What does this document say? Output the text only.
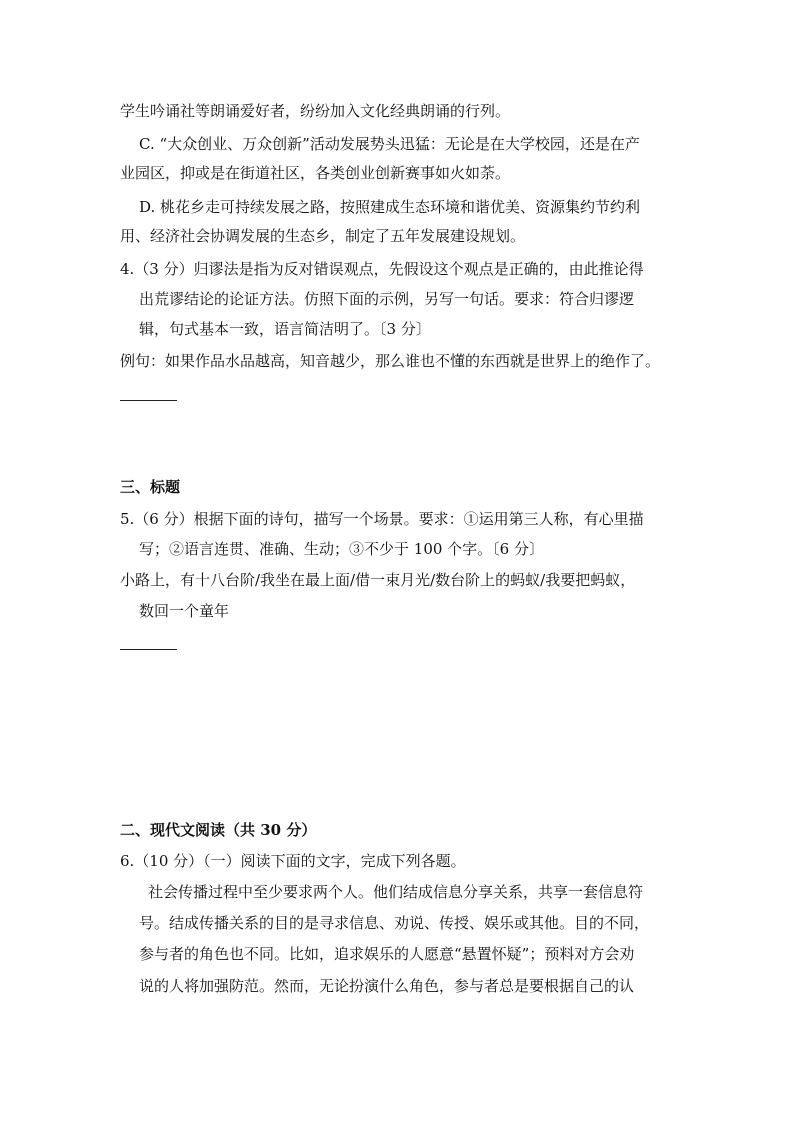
学生吟诵社等朗诵爱好者，纷纷加入文化经典朗诵的行列。
C. “大众创业、万众创新”活动发展势头迅猛：无论是在大学校园，还是在产
业园区，抑或是在街道社区，各类创业创新赛事如火如荼。
D. 桃花乡走可持续发展之路，按照建成生态环境和谐优美、资源集约节约利
用、经济社会协调发展的生态乡，制定了五年发展建设规划。
4.（3 分）归谬法是指为反对错误观点，先假设这个观点是正确的，由此推论得
出荒谬结论的论证方法。仿照下面的示例，另写一句话。要求：符合归谬逻
辑，句式基本一致，语言简洁明了。〔3 分〕
例句：如果作品水品越高，知音越少，那么谁也不懂的东西就是世界上的绝作了。
三、标题
5.（6 分）根据下面的诗句，描写一个场景。要求：①运用第三人称，有心里描
写；②语言连贯、准确、生动；③不少于 100 个字。〔6 分〕
小路上，有十八台阶/我坐在最上面/借一束月光/数台阶上的蚂蚁/我要把蚂蚁，
数回一个童年
二、现代文阅读（共 30 分）
6.（10 分）（一）阅读下面的文字，完成下列各题。
社会传播过程中至少要求两个人。他们结成信息分享关系，共享一套信息符
号。结成传播关系的目的是寻求信息、劝说、传授、娱乐或其他。目的不同，
参与者的角色也不同。比如，追求娱乐的人愿意“悬置怀疑”；预料对方会劝
说的人将加强防范。然而，无论扮演什么角色，参与者总是要根据自己的认
